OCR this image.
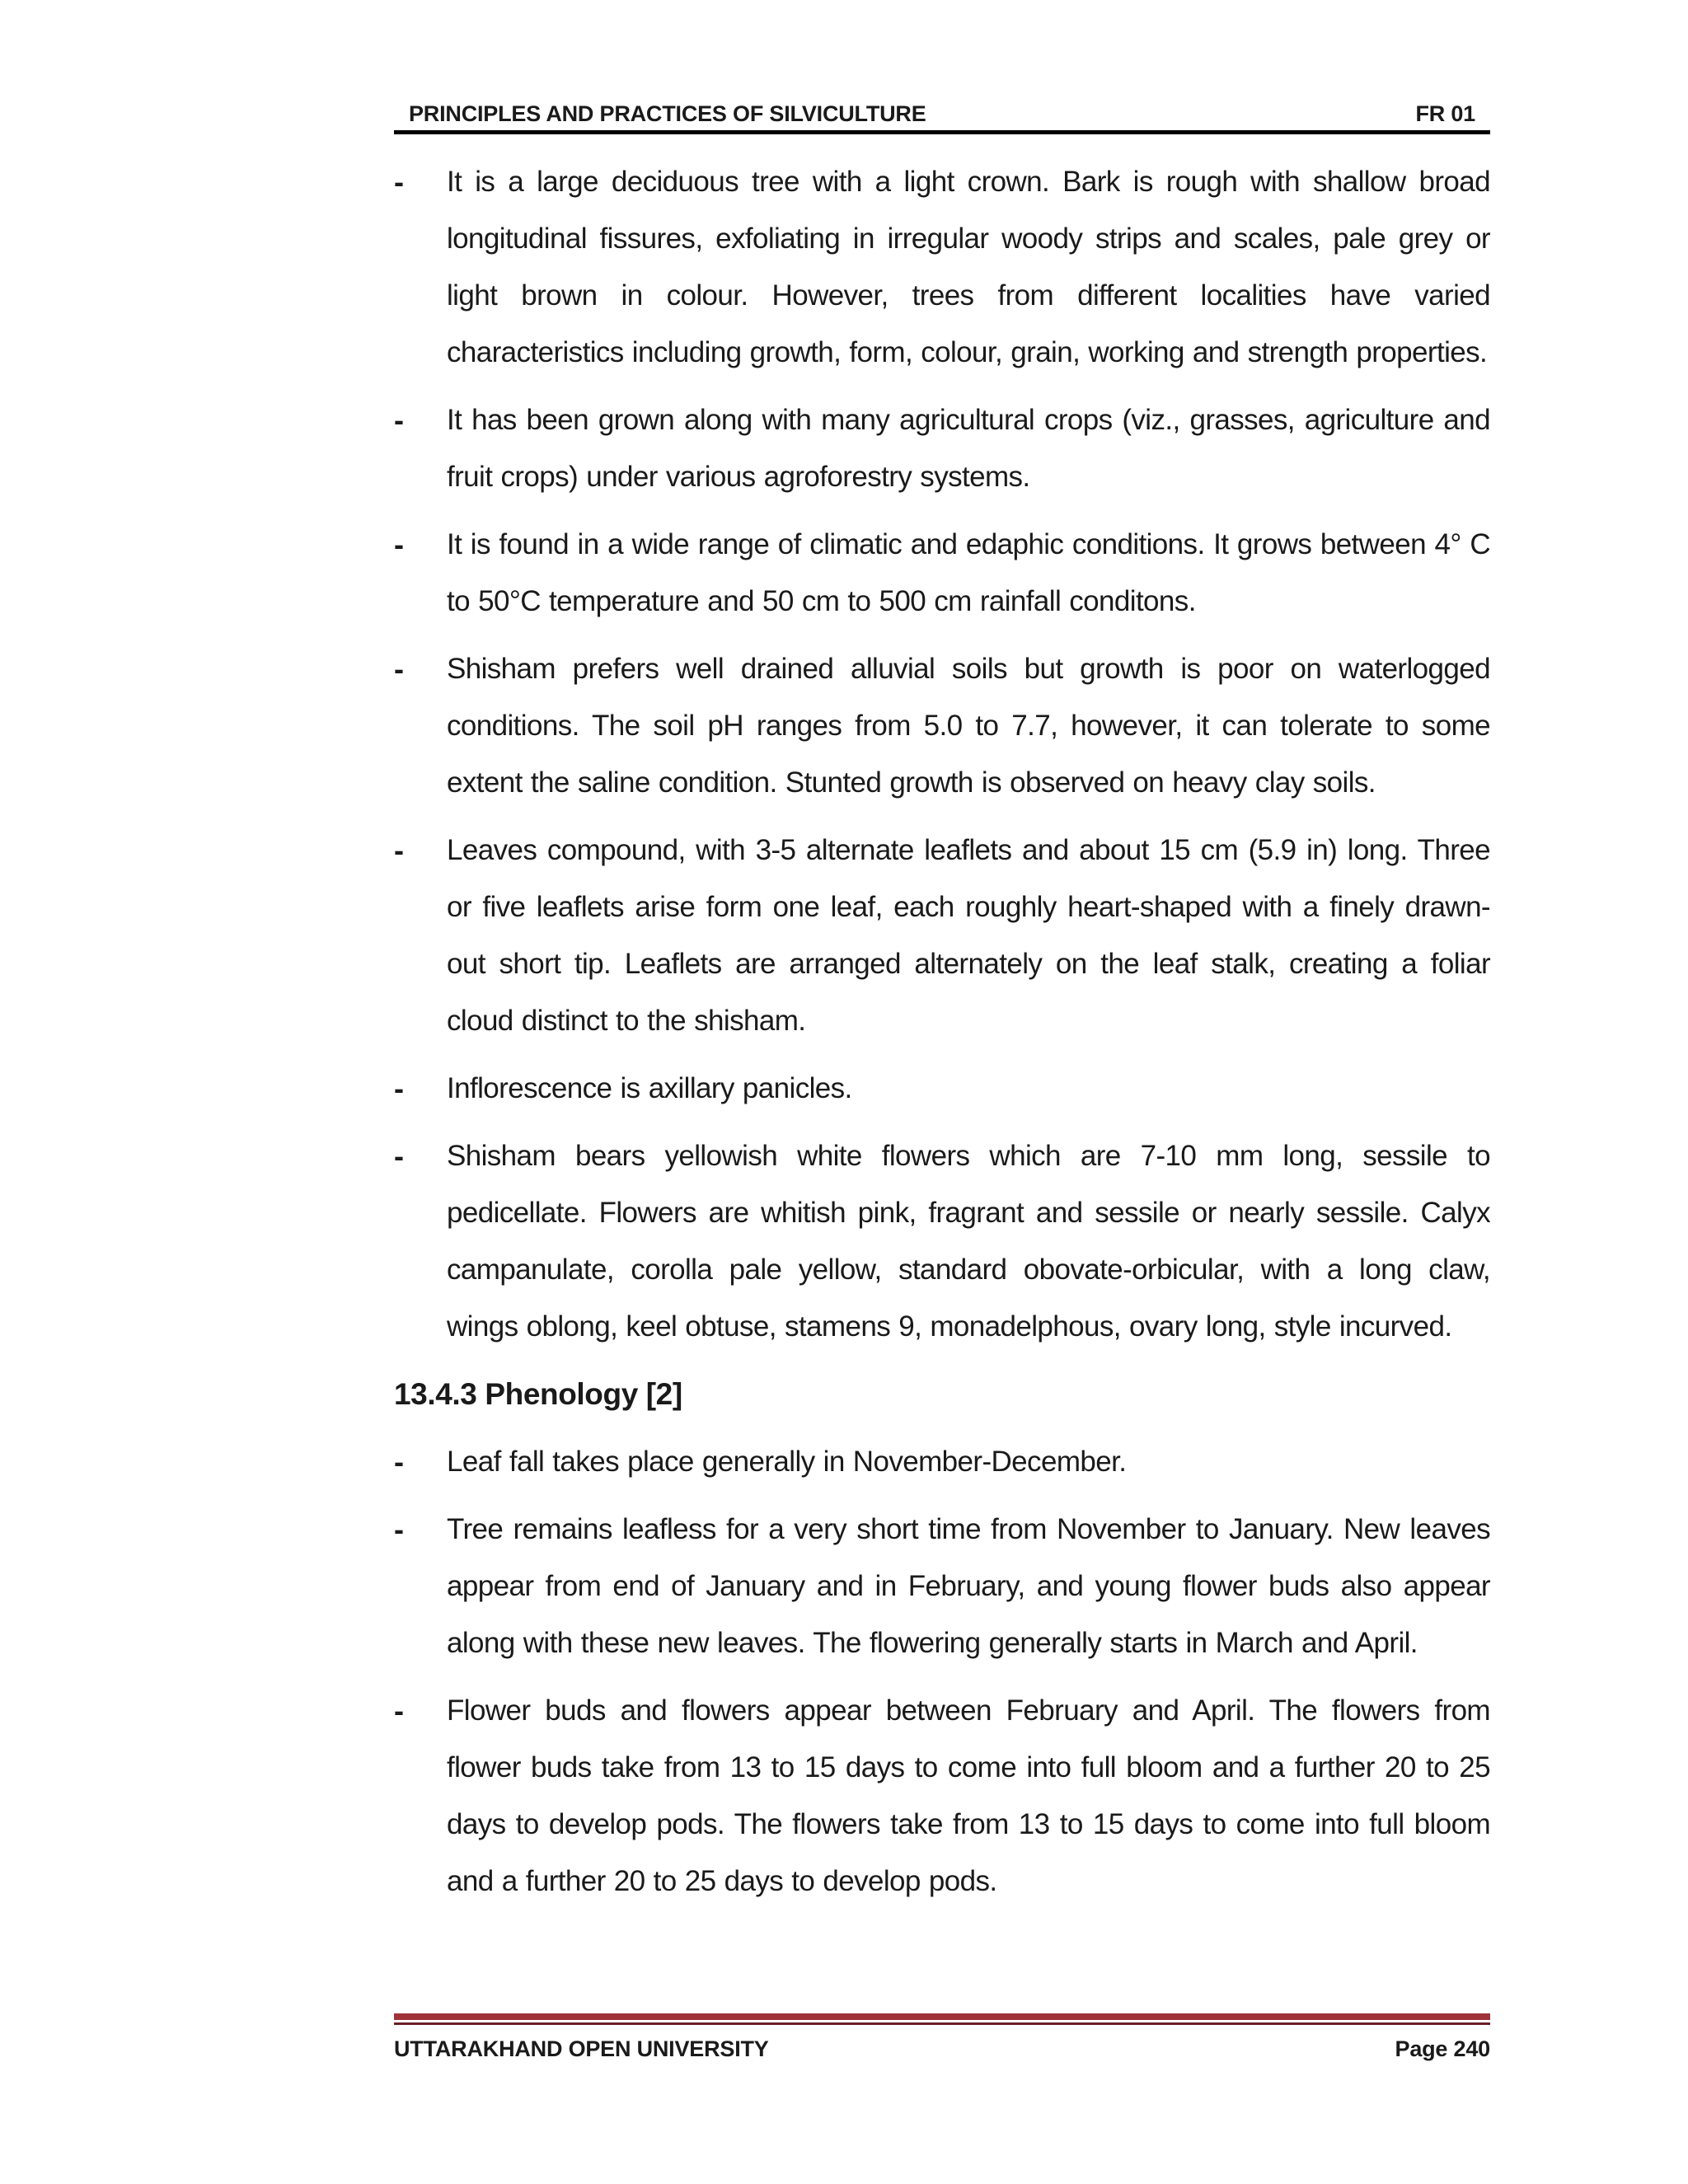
PRINCIPLES AND PRACTICES OF SILVICULTURE	FR 01
- It is a large deciduous tree with a light crown. Bark is rough with shallow broad longitudinal fissures, exfoliating in irregular woody strips and scales, pale grey or light brown in colour. However, trees from different localities have varied characteristics including growth, form, colour, grain, working and strength properties.
- It has been grown along with many agricultural crops (viz., grasses, agriculture and fruit crops) under various agroforestry systems.
- It is found in a wide range of climatic and edaphic conditions. It grows between 4° C to 50°C temperature and 50 cm to 500 cm rainfall conditons.
- Shisham prefers well drained alluvial soils but growth is poor on waterlogged conditions. The soil pH ranges from 5.0 to 7.7, however, it can tolerate to some extent the saline condition. Stunted growth is observed on heavy clay soils.
- Leaves compound, with 3-5 alternate leaflets and about 15 cm (5.9 in) long. Three or five leaflets arise form one leaf, each roughly heart-shaped with a finely drawn-out short tip. Leaflets are arranged alternately on the leaf stalk, creating a foliar cloud distinct to the shisham.
- Inflorescence is axillary panicles.
- Shisham bears yellowish white flowers which are 7-10 mm long, sessile to pedicellate. Flowers are whitish pink, fragrant and sessile or nearly sessile. Calyx campanulate, corolla pale yellow, standard obovate-orbicular, with a long claw, wings oblong, keel obtuse, stamens 9, monadelphous, ovary long, style incurved.
13.4.3 Phenology [2]
- Leaf fall takes place generally in November-December.
- Tree remains leafless for a very short time from November to January. New leaves appear from end of January and in February, and young flower buds also appear along with these new leaves. The flowering generally starts in March and April.
- Flower buds and flowers appear between February and April. The flowers from flower buds take from 13 to 15 days to come into full bloom and a further 20 to 25 days to develop pods. The flowers take from 13 to 15 days to come into full bloom and a further 20 to 25 days to develop pods.
UTTARAKHAND OPEN UNIVERSITY	Page 240
